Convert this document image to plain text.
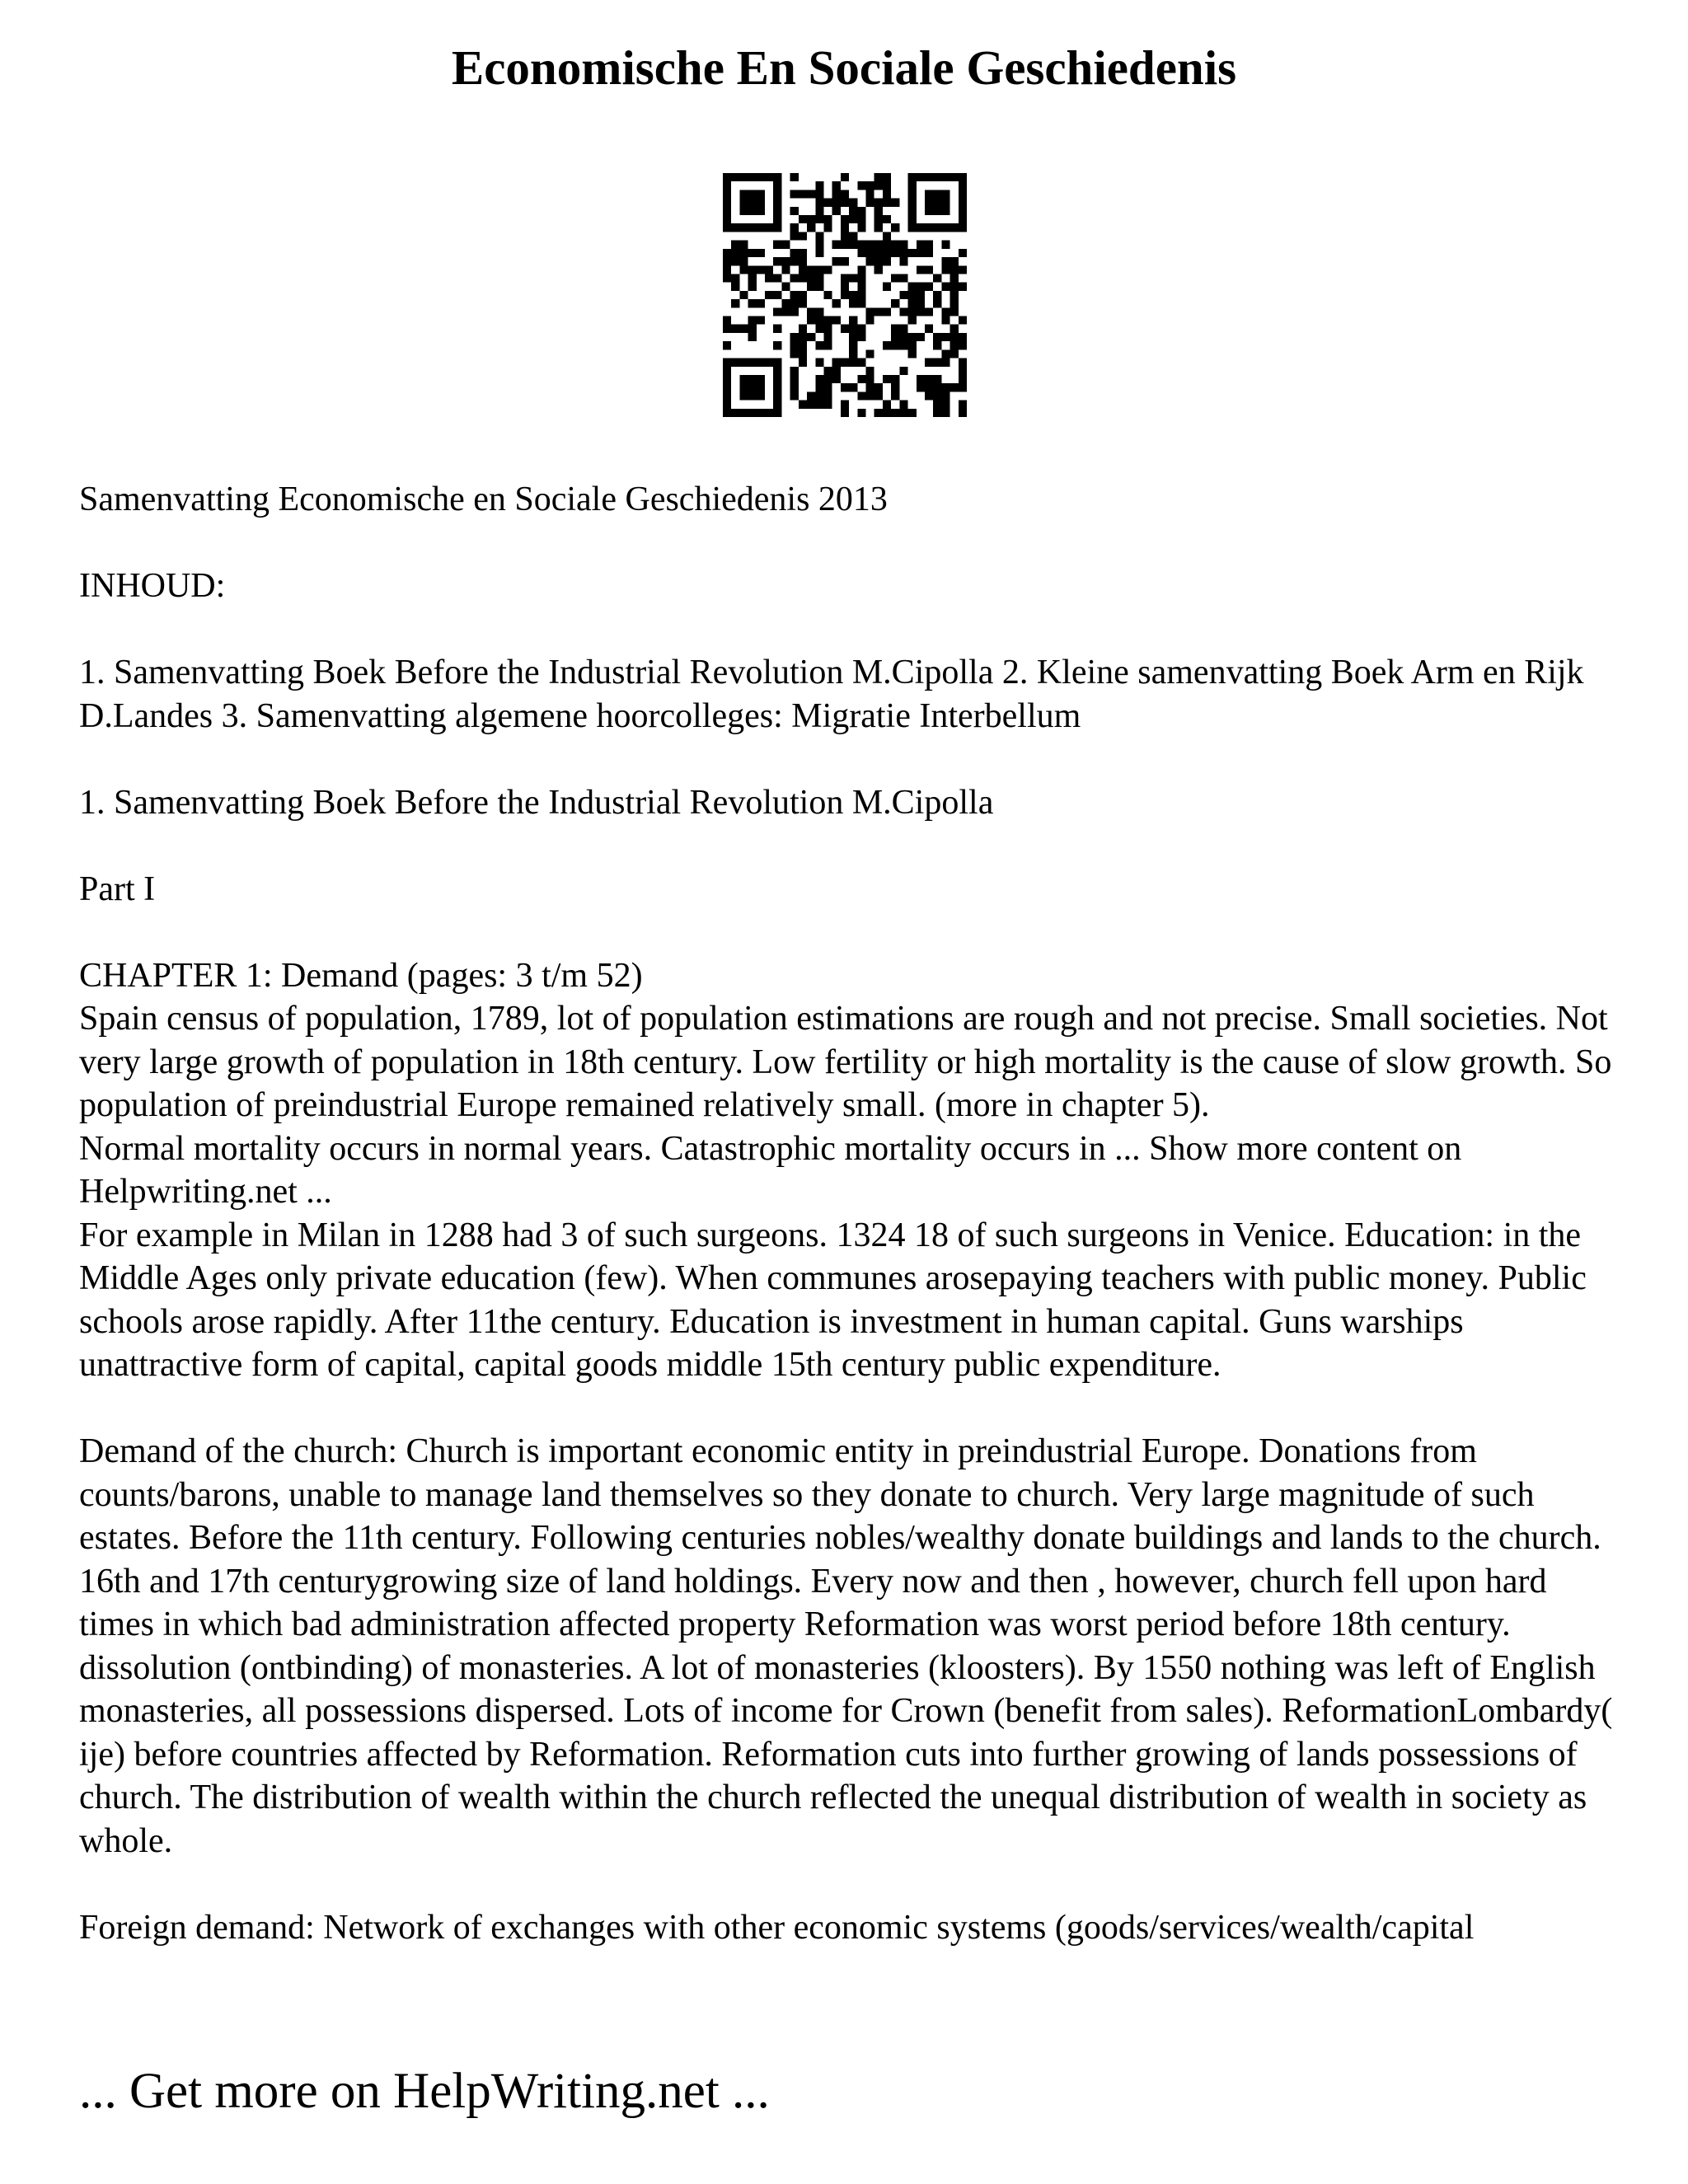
Economische En Sociale Geschiedenis

Samenvatting Economische en Sociale Geschiedenis 2013

INHOUD:

1. Samenvatting Boek Before the Industrial Revolution M.Cipolla 2. Kleine samenvatting Boek Arm en Rijk D.Landes 3. Samenvatting algemene hoorcolleges: Migratie Interbellum

1. Samenvatting Boek Before the Industrial Revolution M.Cipolla

Part I

CHAPTER 1: Demand (pages: 3 t/m 52)

Spain census of population, 1789, lot of population estimations are rough and not precise. Small societies. Not very large growth of population in 18th century. Low fertility or high mortality is the cause of slow growth. So population of preindustrial Europe remained relatively small. (more in chapter 5).

Normal mortality occurs in normal years. Catastrophic mortality occurs in ... Show more content on Helpwriting.net ...

For example in Milan in 1288 had 3 of such surgeons. 1324 18 of such surgeons in Venice. Education: in the Middle Ages only private education (few). When communes arosepaying teachers with public money. Public schools arose rapidly. After 11the century. Education is investment in human capital. Guns warships unattractive form of capital, capital goods middle 15th century public expenditure.

Demand of the church: Church is important economic entity in preindustrial Europe. Donations from counts/barons, unable to manage land themselves so they donate to church. Very large magnitude of such estates. Before the 11th century. Following centuries nobles/wealthy donate buildings and lands to the church. 16th and 17th centurygrowing size of land holdings. Every now and then , however, church fell upon hard times in which bad administration affected property Reformation was worst period before 18th century. dissolution (ontbinding) of monasteries. A lot of monasteries (kloosters). By 1550 nothing was left of English monasteries, all possessions dispersed. Lots of income for Crown (benefit from sales). ReformationLombardy( ije) before countries affected by Reformation. Reformation cuts into further growing of lands possessions of church. The distribution of wealth within the church reflected the unequal distribution of wealth in society as whole.

Foreign demand: Network of exchanges with other economic systems (goods/services/wealth/capital

... Get more on HelpWriting.net ...
